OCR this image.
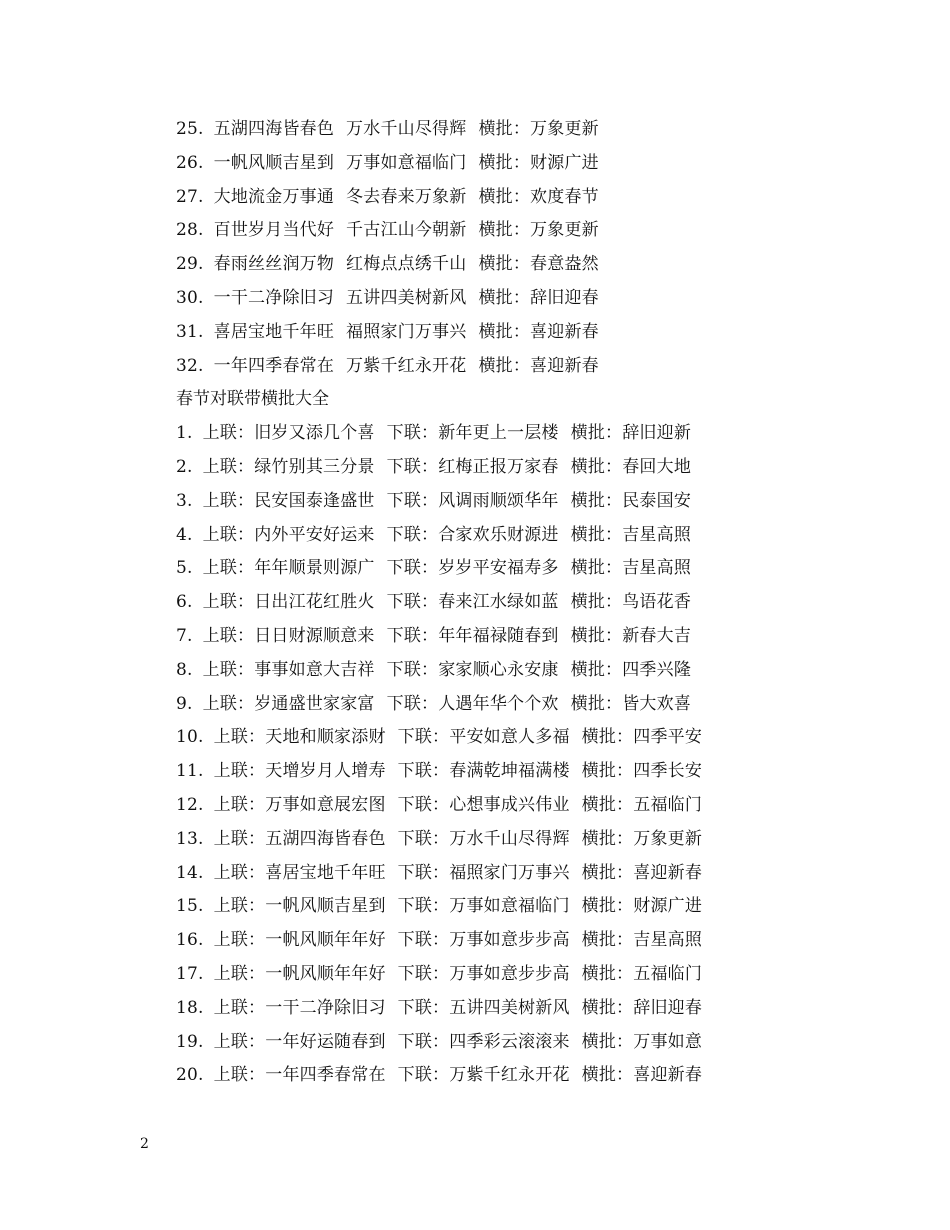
25. 五湖四海皆春色 万水千山尽得辉 横批：万象更新
26. 一帆风顺吉星到 万事如意福临门 横批：财源广进
27. 大地流金万事通 冬去春来万象新 横批：欢度春节
28. 百世岁月当代好 千古江山今朝新 横批：万象更新
29. 春雨丝丝润万物 红梅点点绣千山 横批：春意盎然
30. 一干二净除旧习 五讲四美树新风 横批：辞旧迎春
31. 喜居宝地千年旺 福照家门万事兴 横批：喜迎新春
32. 一年四季春常在 万紫千红永开花 横批：喜迎新春
春节对联带横批大全
1. 上联：旧岁又添几个喜 下联：新年更上一层楼 横批：辞旧迎新
2. 上联：绿竹别其三分景 下联：红梅正报万家春 横批：春回大地
3. 上联：民安国泰逢盛世 下联：风调雨顺颂华年 横批：民泰国安
4. 上联：内外平安好运来 下联：合家欢乐财源进 横批：吉星高照
5. 上联：年年顺景则源广 下联：岁岁平安福寿多 横批：吉星高照
6. 上联：日出江花红胜火 下联：春来江水绿如蓝 横批：鸟语花香
7. 上联：日日财源顺意来 下联：年年福禄随春到 横批：新春大吉
8. 上联：事事如意大吉祥 下联：家家顺心永安康 横批：四季兴隆
9. 上联：岁通盛世家家富 下联：人遇年华个个欢 横批：皆大欢喜
10. 上联：天地和顺家添财 下联：平安如意人多福 横批：四季平安
11. 上联：天增岁月人增寿 下联：春满乾坤福满楼 横批：四季长安
12. 上联：万事如意展宏图 下联：心想事成兴伟业 横批：五福临门
13. 上联：五湖四海皆春色 下联：万水千山尽得辉 横批：万象更新
14. 上联：喜居宝地千年旺 下联：福照家门万事兴 横批：喜迎新春
15. 上联：一帆风顺吉星到 下联：万事如意福临门 横批：财源广进
16. 上联：一帆风顺年年好 下联：万事如意步步高 横批：吉星高照
17. 上联：一帆风顺年年好 下联：万事如意步步高 横批：五福临门
18. 上联：一干二净除旧习 下联：五讲四美树新风 横批：辞旧迎春
19. 上联：一年好运随春到 下联：四季彩云滚滚来 横批：万事如意
20. 上联：一年四季春常在 下联：万紫千红永开花 横批：喜迎新春
2
